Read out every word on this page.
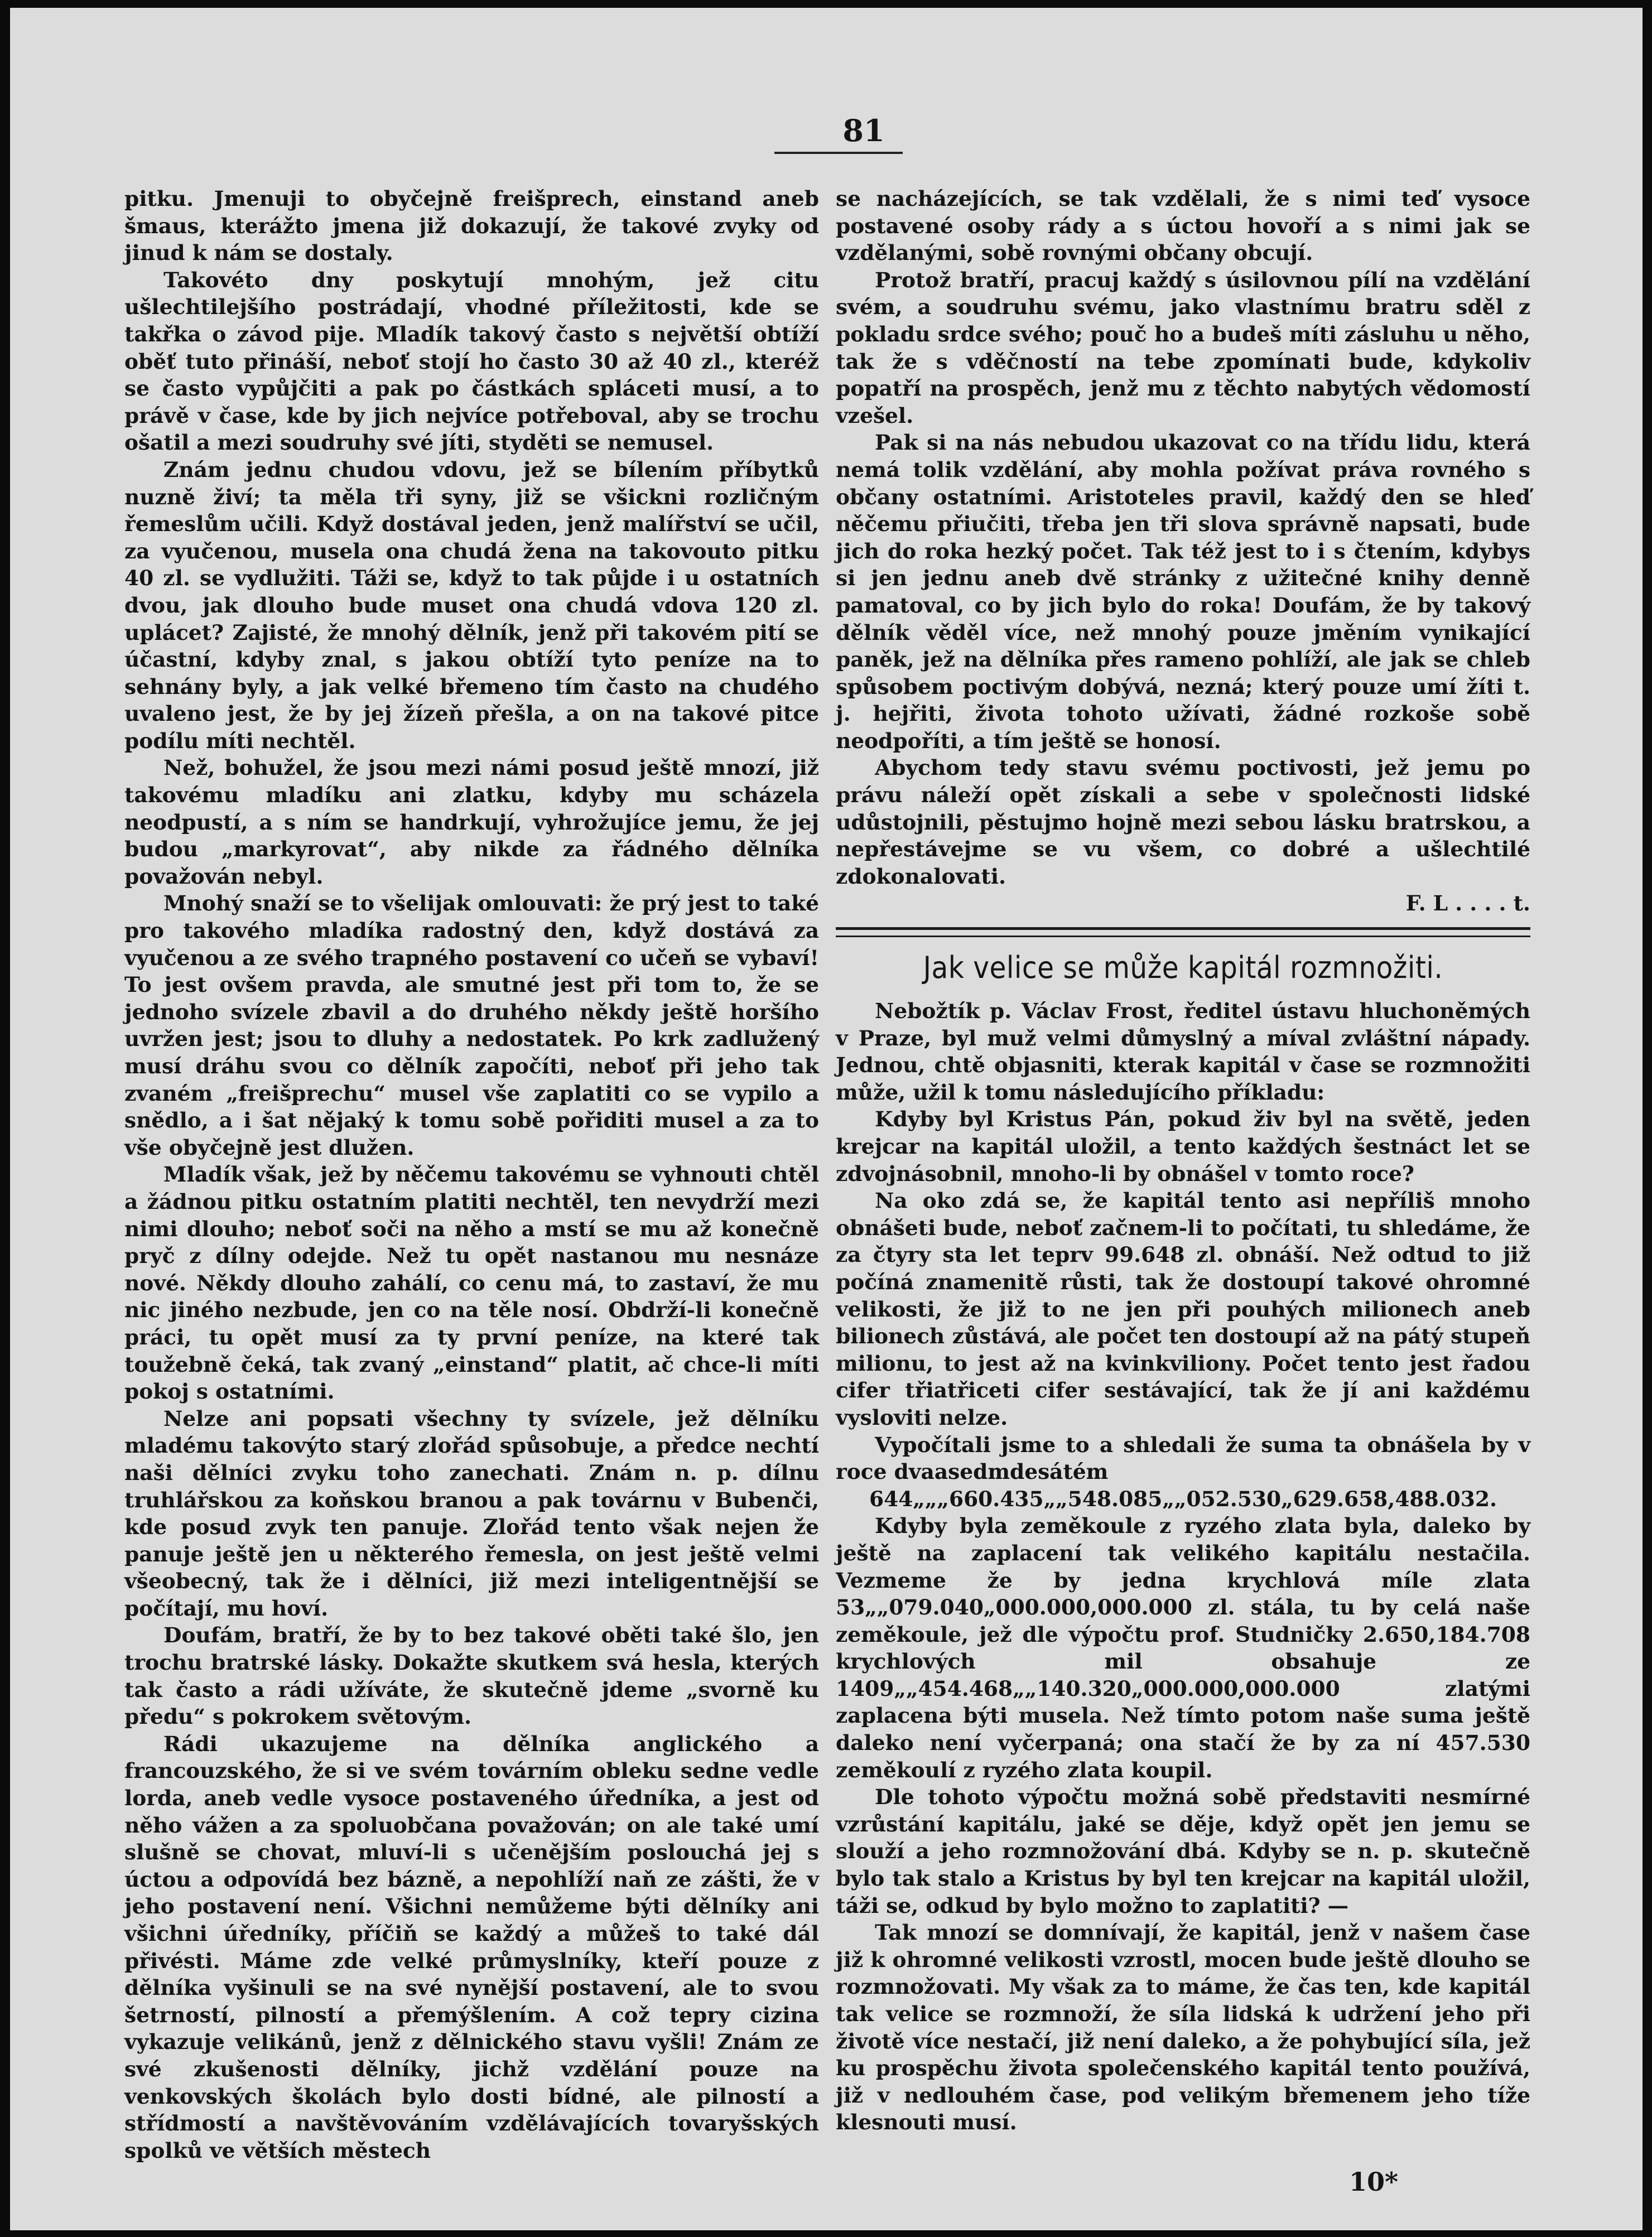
81

pitku. Jmenuji to obyčejně freišprech, einstand aneb šmaus, kterážto jmena již dokazují, že takové zvyky od jinud k nám se dostaly.

Takovéto dny poskytují mnohým, jež citu ušlechtilejšího postrádají, vhodné příležitosti, kde se takřka o závod pije. Mladík takový často s největší obtíží oběť tuto přináší, neboť stojí ho často 30 až 40 zl., kteréž se často vypůjčiti a pak po částkách spláceti musí, a to právě v čase, kde by jich nejvíce potřeboval, aby se trochu ošatil a mezi soudruhy své jíti, styděti se nemusel.

Znám jednu chudou vdovu, jež se bílením příbytků nuzně živí; ta měla tři syny, již se všickni rozličným řemeslům učili. Když dostával jeden, jenž malířství se učil, za vyučenou, musela ona chudá žena na takovouto pitku 40 zl. se vydlužiti. Táži se, když to tak půjde i u ostatních dvou, jak dlouho bude muset ona chudá vdova 120 zl. uplácet? Zajisté, že mnohý dělník, jenž při takovém pití se účastní, kdyby znal, s jakou obtíží tyto peníze na to sehnány byly, a jak velké břemeno tím často na chudého uvaleno jest, že by jej žízeň přešla, a on na takové pitce podílu míti nechtěl.

Než, bohužel, že jsou mezi námi posud ještě mnozí, již takovému mladíku ani zlatku, kdyby mu scházela neodpustí, a s ním se handrkují, vyhrožujíce jemu, že jej budou „markyrovat“, aby nikde za řádného dělníka považován nebyl.

Mnohý snaží se to všelijak omlouvati: že prý jest to také pro takového mladíka radostný den, když dostává za vyučenou a ze svého trapného postavení co učeň se vybaví! To jest ovšem pravda, ale smutné jest při tom to, že se jednoho svízele zbavil a do druhého někdy ještě horšího uvržen jest; jsou to dluhy a nedostatek. Po krk zadlužený musí dráhu svou co dělník započíti, neboť při jeho tak zvaném „freišprechu“ musel vše zaplatiti co se vypilo a snědlo, a i šat nějaký k tomu sobě pořiditi musel a za to vše obyčejně jest dlužen.

Mladík však, jež by něčemu takovému se vyhnouti chtěl a žádnou pitku ostatním platiti nechtěl, ten nevydrží mezi nimi dlouho; neboť soči na něho a mstí se mu až konečně pryč z dílny odejde. Než tu opět nastanou mu nesnáze nové. Někdy dlouho zahálí, co cenu má, to zastaví, že mu nic jiného nezbude, jen co na těle nosí. Obdrží-li konečně práci, tu opět musí za ty první peníze, na které tak toužebně čeká, tak zvaný „einstand“ platit, ač chce-li míti pokoj s ostatními.

Nelze ani popsati všechny ty svízele, jež dělníku mladému takovýto starý zlořád spůsobuje, a předce nechtí naši dělníci zvyku toho zanechati. Znám n. p. dílnu truhlářskou za koňskou branou a pak továrnu v Bubenči, kde posud zvyk ten panuje. Zlořád tento však nejen že panuje ještě jen u některého řemesla, on jest ještě velmi všeobecný, tak že i dělníci, již mezi inteligentnější se počítají, mu hoví.

Doufám, bratří, že by to bez takové oběti také šlo, jen trochu bratrské lásky. Dokažte skutkem svá hesla, kterých tak často a rádi užíváte, že skutečně jdeme „svorně ku předu“ s pokrokem světovým.

Rádi ukazujeme na dělníka anglického a francouzského, že si ve svém továrním obleku sedne vedle lorda, aneb vedle vysoce postaveného úředníka, a jest od něho vážen a za spoluobčana považován; on ale také umí slušně se chovat, mluví-li s učenějším poslouchá jej s úctou a odpovídá bez bázně, a nepohlíží naň ze zášti, že v jeho postavení není. Všichni nemůžeme býti dělníky ani všichni úředníky, příčiň se každý a můžeš to také dál přivésti. Máme zde velké průmyslníky, kteří pouze z dělníka vyšinuli se na své nynější postavení, ale to svou šetrností, pilností a přemýšlením. A což tepry cizina vykazuje velikánů, jenž z dělnického stavu vyšli! Znám ze své zkušenosti dělníky, jichž vzdělání pouze na venkovských školách bylo dosti bídné, ale pilností a střídmostí a navštěvováním vzdělávajících tovaryšských spolků ve větších městech

se nacházejících, se tak vzdělali, že s nimi teď vysoce postavené osoby rády a s úctou hovoří a s nimi jak se vzdělanými, sobě rovnými občany obcují.

Protož bratří, pracuj každý s úsilovnou pílí na vzdělání svém, a soudruhu svému, jako vlastnímu bratru sděl z pokladu srdce svého; pouč ho a budeš míti zásluhu u něho, tak že s vděčností na tebe zpomínati bude, kdykoliv popatří na prospěch, jenž mu z těchto nabytých vědomostí vzešel.

Pak si na nás nebudou ukazovat co na třídu lidu, která nemá tolik vzdělání, aby mohla požívat práva rovného s občany ostatními. Aristoteles pravil, každý den se hleď něčemu přiučiti, třeba jen tři slova správně napsati, bude jich do roka hezký počet. Tak též jest to i s čtením, kdybys si jen jednu aneb dvě stránky z užitečné knihy denně pamatoval, co by jich bylo do roka! Doufám, že by takový dělník věděl více, než mnohý pouze jměním vynikající paněk, jež na dělníka přes rameno pohlíží, ale jak se chleb spůsobem poctivým dobývá, nezná; který pouze umí žíti t. j. hejřiti, života tohoto užívati, žádné rozkoše sobě neodpoříti, a tím ještě se honosí.

Abychom tedy stavu svému poctivosti, jež jemu po právu náleží opět získali a sebe v společnosti lidské udůstojnili, pěstujmo hojně mezi sebou lásku bratrskou, a nepřestávejme se vu všem, co dobré a ušlechtilé zdokonalovati.

F. L . . . . t.
Jak velice se může kapitál rozmnožiti.

Nebožtík p. Václav Frost, ředitel ústavu hluchoněmých v Praze, byl muž velmi důmyslný a míval zvláštní nápady. Jednou, chtě objasniti, kterak kapitál v čase se rozmnožiti může, užil k tomu následujícího příkladu:

Kdyby byl Kristus Pán, pokud živ byl na světě, jeden krejcar na kapitál uložil, a tento každých šestnáct let se zdvojnásobnil, mnoho-li by obnášel v tomto roce?

Na oko zdá se, že kapitál tento asi nepříliš mnoho obnášeti bude, neboť začnem-li to počítati, tu shledáme, že za čtyry sta let teprv 99.648 zl. obnáší. Než odtud to již počíná znamenitě růsti, tak že dostoupí takové ohromné velikosti, že již to ne jen při pouhých milionech aneb bilionech zůstává, ale počet ten dostoupí až na pátý stupeň milionu, to jest až na kvinkviliony. Počet tento jest řadou cifer třiatřiceti cifer sestávající, tak že jí ani každému vysloviti nelze.

Vypočítali jsme to a shledali že suma ta obnášela by v roce dvaasedmdesátém

644„„„660.435„„548.085„„052.530„629.658,488.032.

Kdyby byla zeměkoule z ryzého zlata byla, daleko by ještě na zaplacení tak velikého kapitálu nestačila. Vezmeme že by jedna krychlová míle zlata 53„„079.040„000.000,000.000 zl. stála, tu by celá naše zeměkoule, jež dle výpočtu prof. Studničky 2.650,184.708 krychlových mil obsahuje ze 1409„„454.468„„140.320„000.000,000.000 zlatými zaplacena býti musela. Než tímto potom naše suma ještě daleko není vyčerpaná; ona stačí že by za ní 457.530 zeměkoulí z ryzého zlata koupil.

Dle tohoto výpočtu možná sobě představiti nesmírné vzrůstání kapitálu, jaké se děje, když opět jen jemu se slouží a jeho rozmnožování dbá. Kdyby se n. p. skutečně bylo tak stalo a Kristus by byl ten krejcar na kapitál uložil, táži se, odkud by bylo možno to zaplatiti? —

Tak mnozí se domnívají, že kapitál, jenž v našem čase již k ohromné velikosti vzrostl, mocen bude ještě dlouho se rozmnožovati. My však za to máme, že čas ten, kde kapitál tak velice se rozmnoží, že síla lidská k udržení jeho při životě více nestačí, již není daleko, a že pohybující síla, jež ku prospěchu života společenského kapitál tento používá, již v nedlouhém čase, pod velikým břemenem jeho tíže klesnouti musí.

10*
